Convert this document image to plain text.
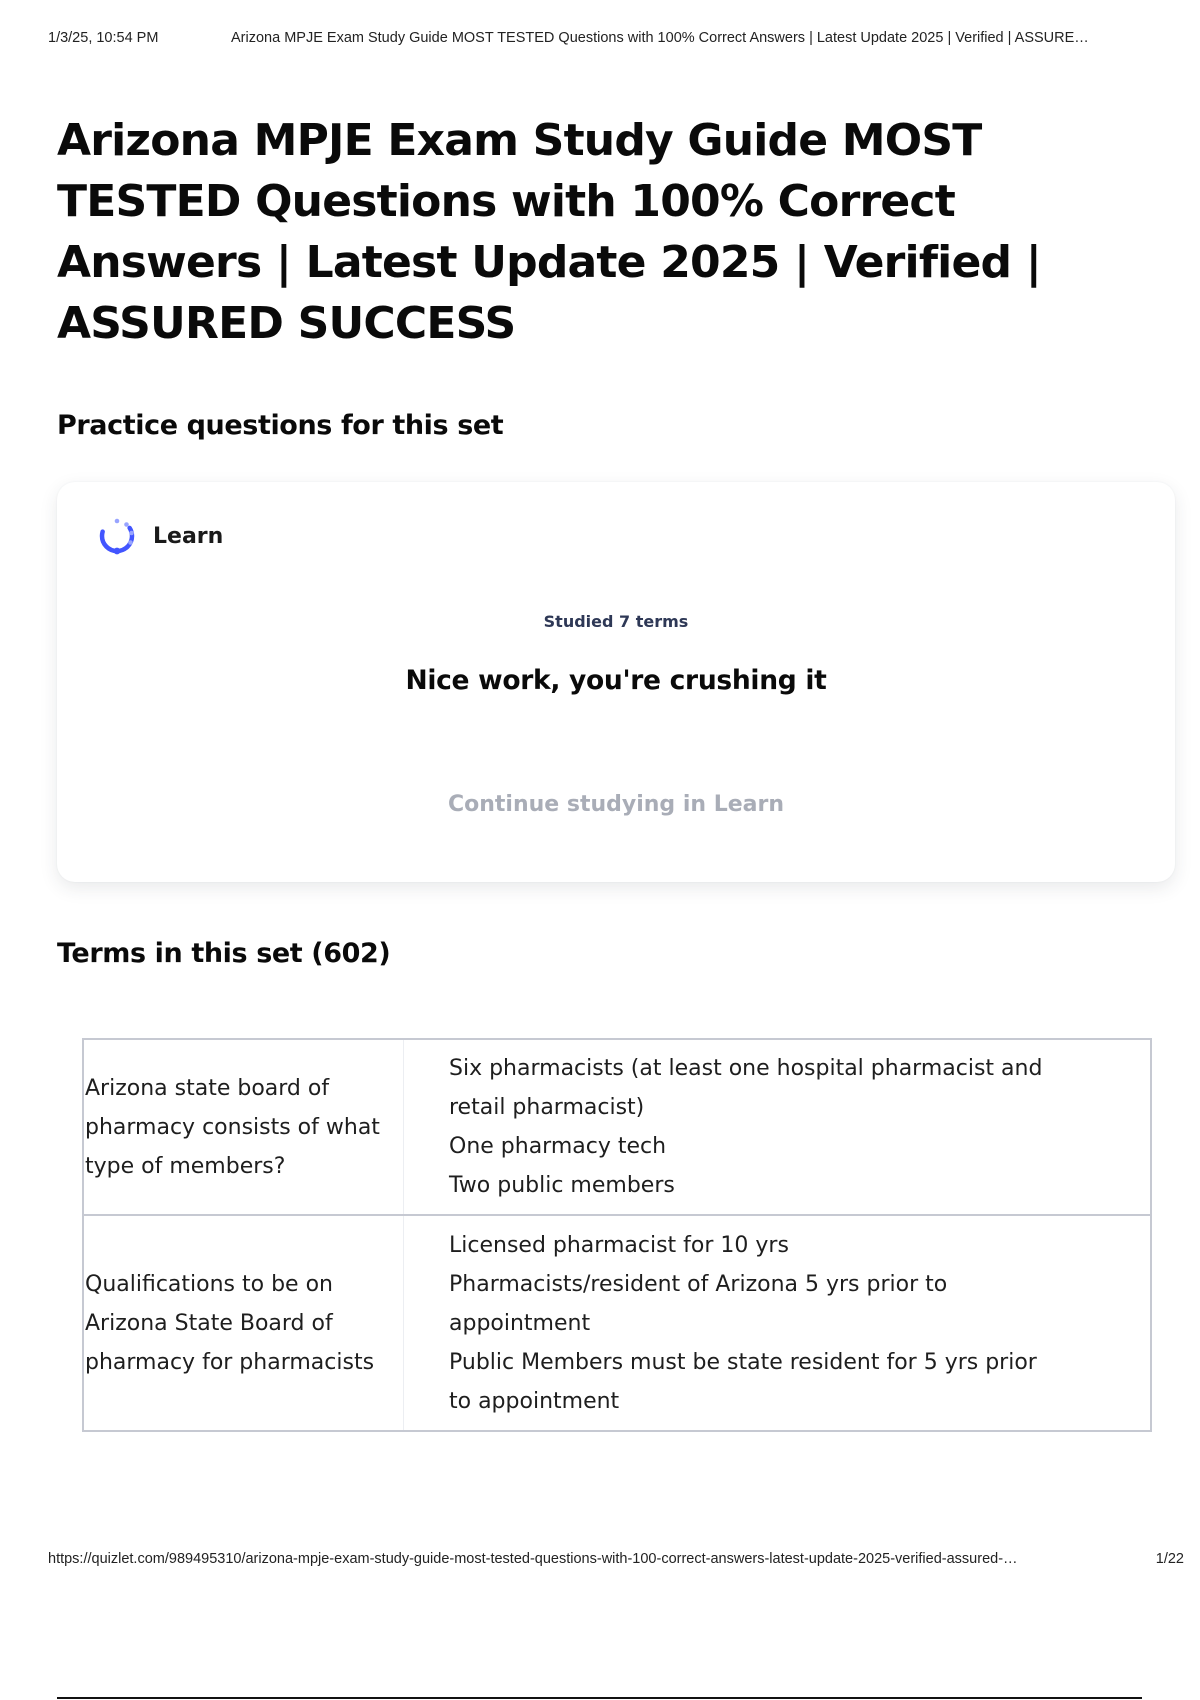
1/3/25, 10:54 PM	Arizona MPJE Exam Study Guide MOST TESTED Questions with 100% Correct Answers | Latest Update 2025 | Verified | ASSURE…
Arizona MPJE Exam Study Guide MOST TESTED Questions with 100% Correct Answers | Latest Update 2025 | Verified | ASSURED SUCCESS
Practice questions for this set
Learn
Studied 7 terms
Nice work, you're crushing it
Continue studying in Learn
Terms in this set (602)
Arizona state board of pharmacy consists of what type of members?	Six pharmacists (at least one hospital pharmacist and
retail pharmacist)
One pharmacy tech
Two public members

Qualifications to be on Arizona State Board of pharmacy for pharmacists	Licensed pharmacist for 10 yrs
Pharmacists/resident of Arizona 5 yrs prior to
appointment
Public Members must be state resident for 5 yrs prior
to appointment
https://quizlet.com/989495310/arizona-mpje-exam-study-guide-most-tested-questions-with-100-correct-answers-latest-update-2025-verified-assured-…	1/22
